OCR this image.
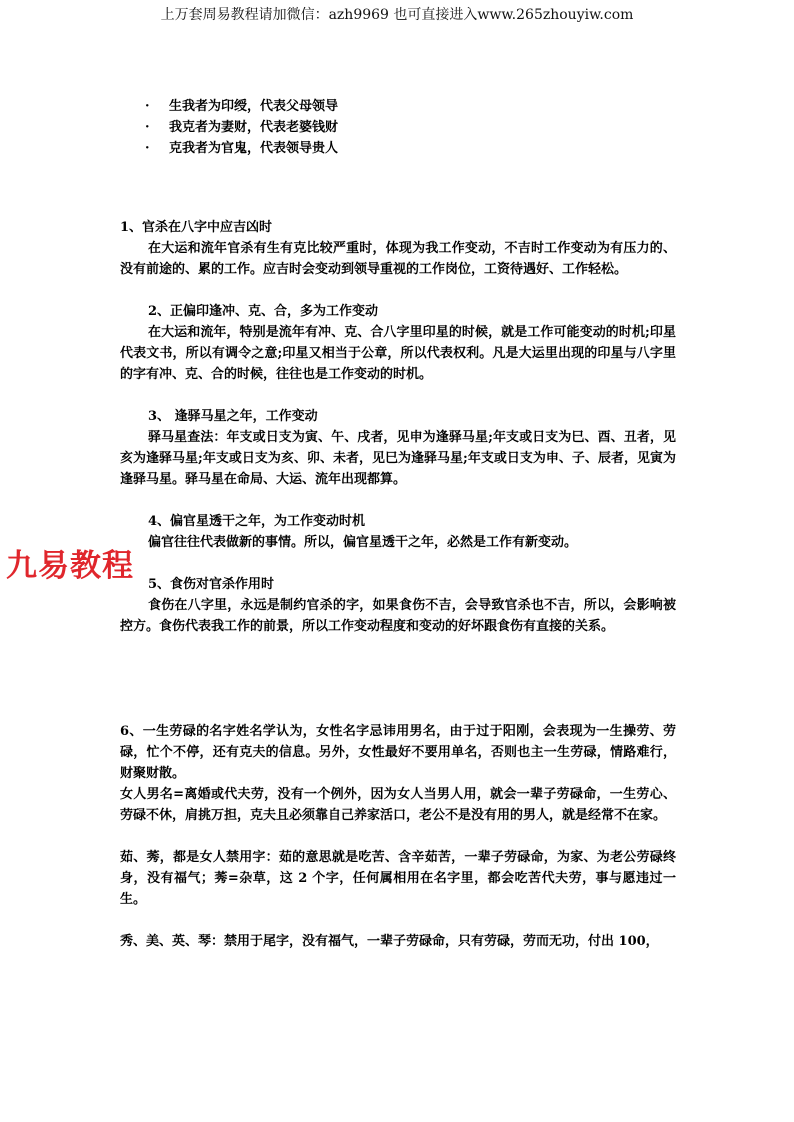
上万套周易教程请加微信：azh9969 也可直接进入www.265zhouyiw.com
· 生我者为印绶，代表父母领导
· 我克者为妻财，代表老婆钱财
· 克我者为官鬼，代表领导贵人
九易教程

1、官杀在八字中应吉凶时

在大运和流年官杀有生有克比较严重时，体现为我工作变动，不吉时工作变动为有压力的、没有前途的、累的工作。应吉时会变动到领导重视的工作岗位，工资待遇好、工作轻松。

2、正偏印逢冲、克、合，多为工作变动

在大运和流年，特别是流年有冲、克、合八字里印星的时候，就是工作可能变动的时机;印星代表文书，所以有调令之意;印星又相当于公章，所以代表权利。凡是大运里出现的印星与八字里的字有冲、克、合的时候，往往也是工作变动的时机。

3、 逢驿马星之年，工作变动

驿马星查法：年支或日支为寅、午、戌者，见申为逢驿马星;年支或日支为巳、酉、丑者，见亥为逢驿马星;年支或日支为亥、卯、未者，见巳为逢驿马星;年支或日支为申、子、辰者，见寅为逢驿马星。驿马星在命局、大运、流年出现都算。

4、偏官星透干之年，为工作变动时机

偏官往往代表做新的事情。所以，偏官星透干之年，必然是工作有新变动。

5、食伤对官杀作用时

食伤在八字里，永远是制约官杀的字，如果食伤不吉，会导致官杀也不吉，所以，会影响被控方。食伤代表我工作的前景，所以工作变动程度和变动的好坏跟食伤有直接的关系。

6、一生劳碌的名字姓名学认为，女性名字忌讳用男名，由于过于阳刚，会表现为一生操劳、劳碌，忙个不停，还有克夫的信息。另外，女性最好不要用单名，否则也主一生劳碌，情路难行，财聚财散。

女人男名=离婚或代夫劳，没有一个例外，因为女人当男人用，就会一辈子劳碌命，一生劳心、劳碌不休，肩挑万担，克夫且必须靠自己养家活口，老公不是没有用的男人，就是经常不在家。

茹、莠，都是女人禁用字：茹的意思就是吃苦、含辛茹苦，一辈子劳碌命，为家、为老公劳碌终身，没有福气；莠=杂草，这 2 个字，任何属相用在名字里，都会吃苦代夫劳，事与愿违过一生。

秀、美、英、琴：禁用于尾字，没有福气，一辈子劳碌命，只有劳碌，劳而无功，付出 100，
